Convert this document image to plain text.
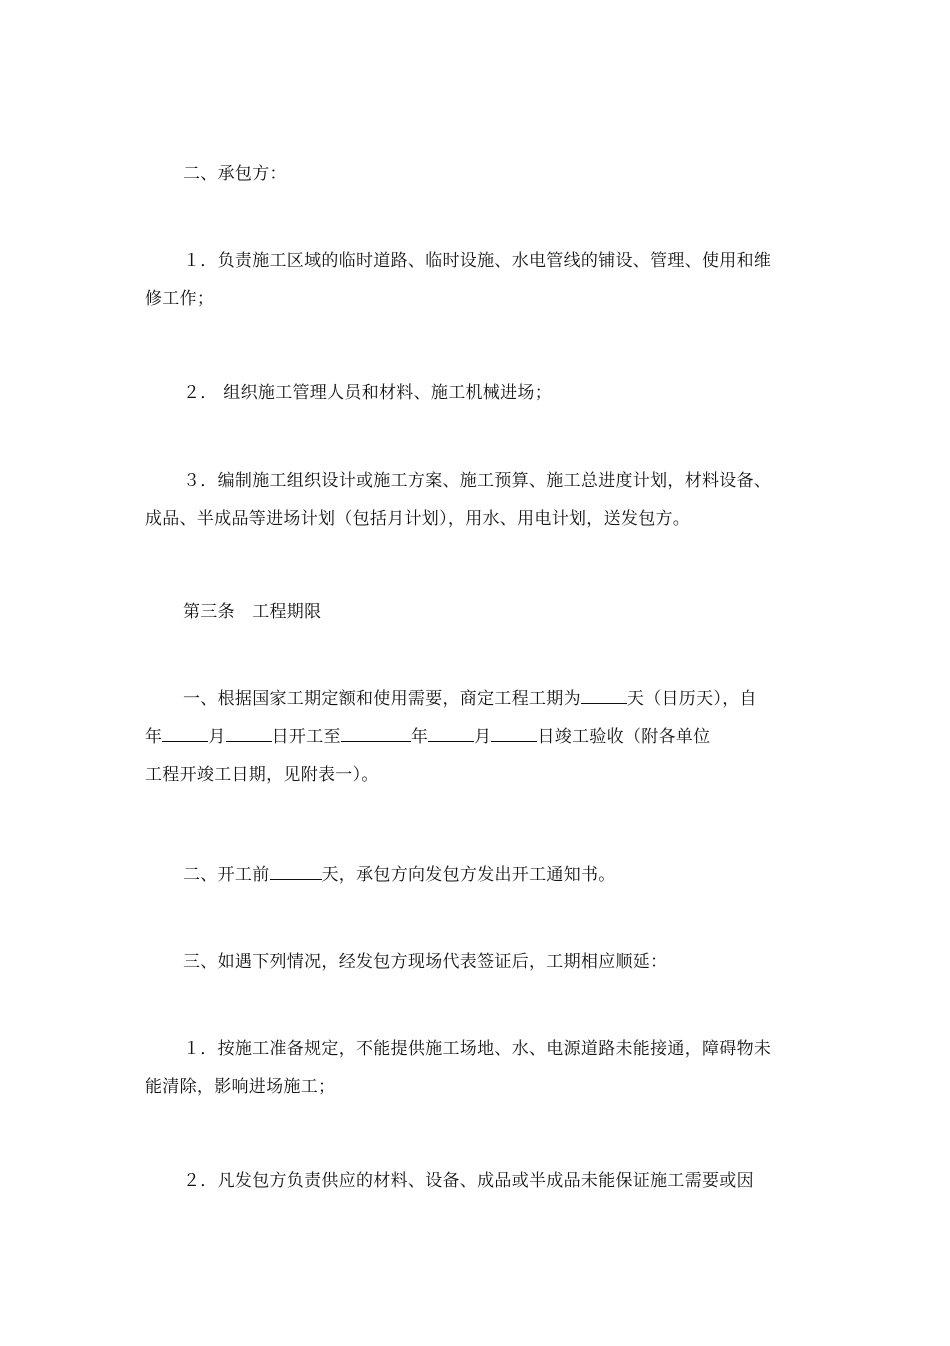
二、承包方：
１．负责施工区域的临时道路、临时设施、水电管线的铺设、管理、使用和维
修工作；
２． 组织施工管理人员和材料、施工机械进场；
３．编制施工组织设计或施工方案、施工预算、施工总进度计划，材料设备、
成品、半成品等进场计划（包括月计划），用水、用电计划，送发包方。
第三条　工程期限
一、根据国家工期定额和使用需要，商定工程工期为	天（日历天），自
年	月	日开工至	年	月	日竣工验收（附各单位
工程开竣工日期，见附表一）。
二、开工前	天，承包方向发包方发出开工通知书。
三、如遇下列情况，经发包方现场代表签证后，工期相应顺延：
１．按施工准备规定，不能提供施工场地、水、电源道路未能接通，障碍物未
能清除，影响进场施工；
２．凡发包方负责供应的材料、设备、成品或半成品未能保证施工需要或因
